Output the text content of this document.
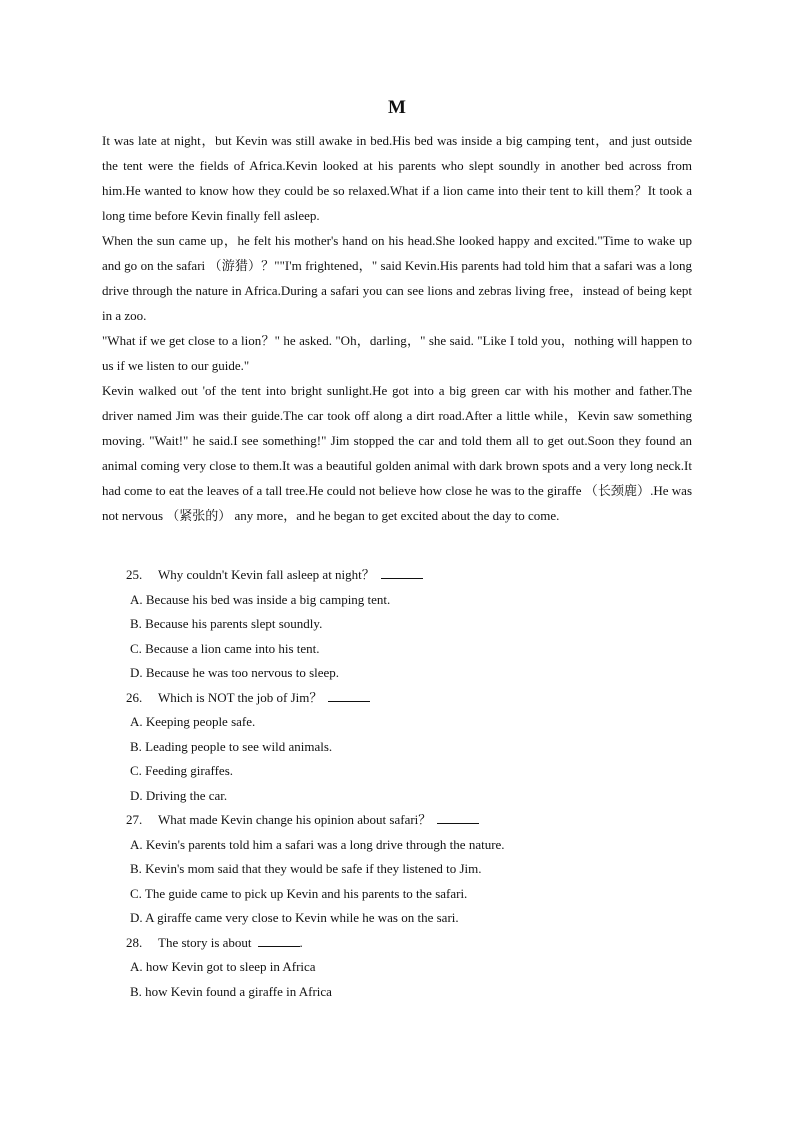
M

It was late at night，but Kevin was still awake in bed.His bed was inside a big camping tent，and just outside the tent were the fields of Africa.Kevin looked at his parents who slept soundly in another bed across from him.He wanted to know how they could be so relaxed.What if a lion came into their tent to kill them？It took a long time before Kevin finally fell asleep.

When the sun came up，he felt his mother's hand on his head.She looked happy and excited."Time to wake up and go on the safari （游猎）？""I'm frightened，" said Kevin.His parents had told him that a safari was a long drive through the nature in Africa.During a safari you can see lions and zebras living free，instead of being kept in a zoo.

"What if we get close to a lion？" he asked. "Oh，darling，" she said. "Like I told you，nothing will happen to us if we listen to our guide."

Kevin walked out 'of the tent into bright sunlight.He got into a big green car with his mother and father.The driver named Jim was their guide.The car took off along a dirt road.After a little while，Kevin saw something moving. "Wait!" he said.I see something!" Jim stopped the car and told them all to get out.Soon they found an animal coming very close to them.It was a beautiful golden animal with dark brown spots and a very long neck.It had come to eat the leaves of a tall tree.He could not believe how close he was to the giraffe （长颈鹿）.He was not nervous （紧张的） any more，and he began to get excited about the day to come.

25. Why couldn't Kevin fall asleep at night？
A. Because his bed was inside a big camping tent.
B. Because his parents slept soundly.
C. Because a lion came into his tent.
D. Because he was too nervous to sleep.
26. Which is NOT the job of Jim？
A. Keeping people safe.
B. Leading people to see wild animals.
C. Feeding giraffes.
D. Driving the car.
27. What made Kevin change his opinion about safari？
A. Kevin's parents told him a safari was a long drive through the nature.
B. Kevin's mom said that they would be safe if they listened to Jim.
C. The guide came to pick up Kevin and his parents to the safari.
D. A giraffe came very close to Kevin while he was on the sari.
28. The story is about	.
A. how Kevin got to sleep in Africa
B. how Kevin found a giraffe in Africa
